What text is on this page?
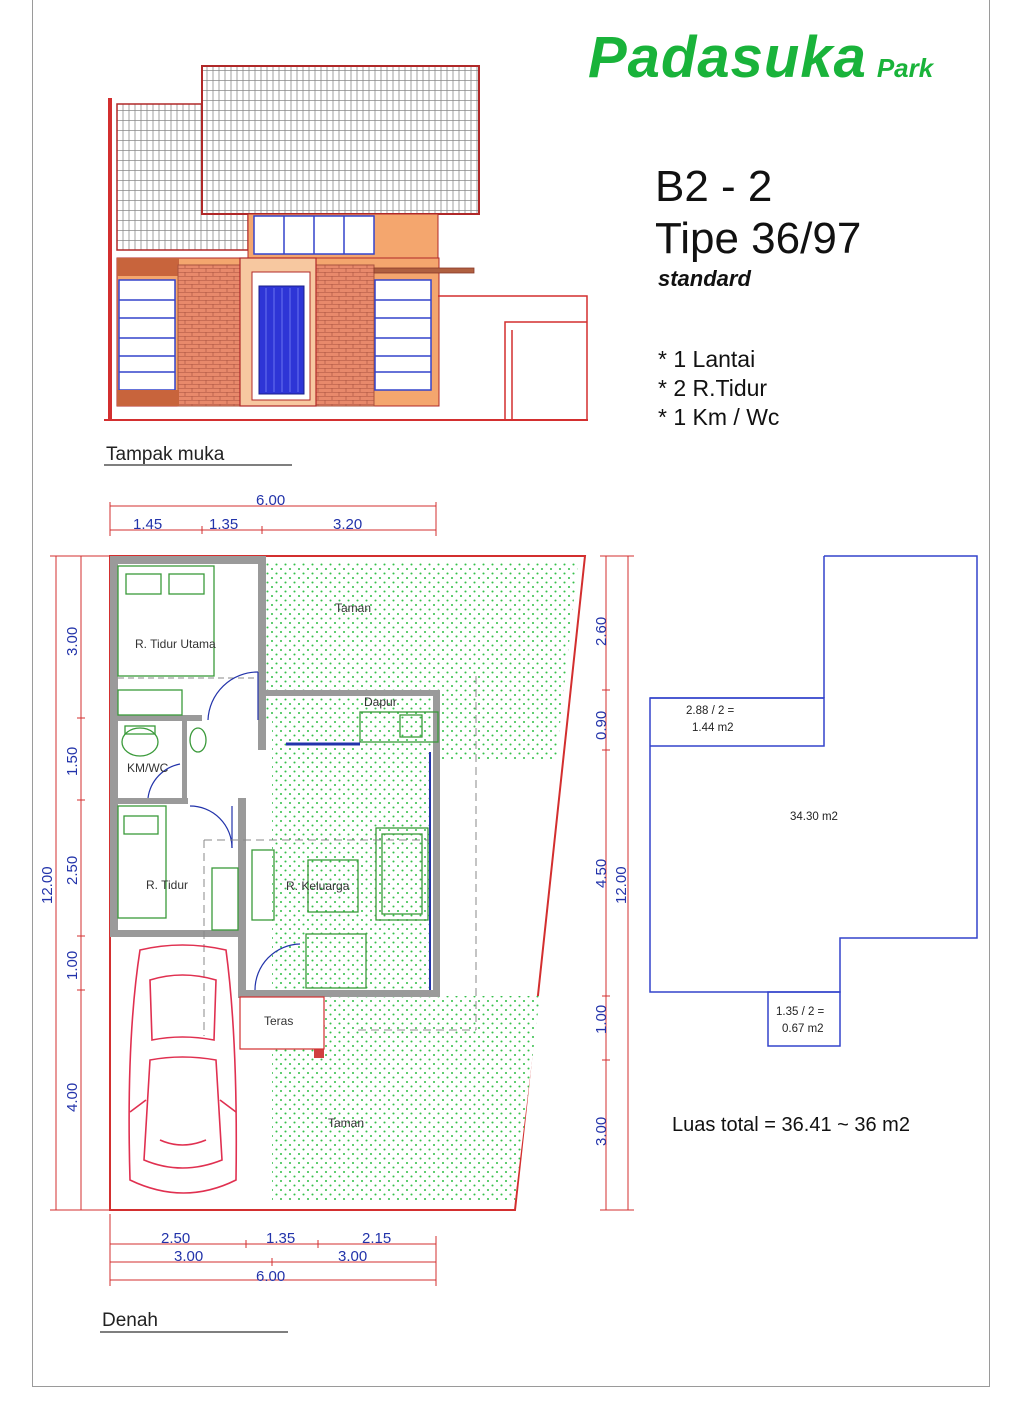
Padasuka Park
B2 - 2
Tipe 36/97
standard
* 1 Lantai
* 2 R.Tidur
* 1 Km / Wc
Luas total = 36.41 ~ 36 m2
Tampak muka
R. Tidur Utama
KM/WC
R. Tidur	R. Keluarga
Dapur
Teras
Taman
Taman
Denah
6.00
1.45	1.35	3.20
2.50	1.35	2.15
3.00	3.00
6.00
3.00
1.50
2.50
1.00
4.00
12.00
2.60
0.90
4.50
1.00
3.00
12.00
2.88 / 2 =
1.44 m2
34.30 m2
1.35 / 2 =
0.67 m2
